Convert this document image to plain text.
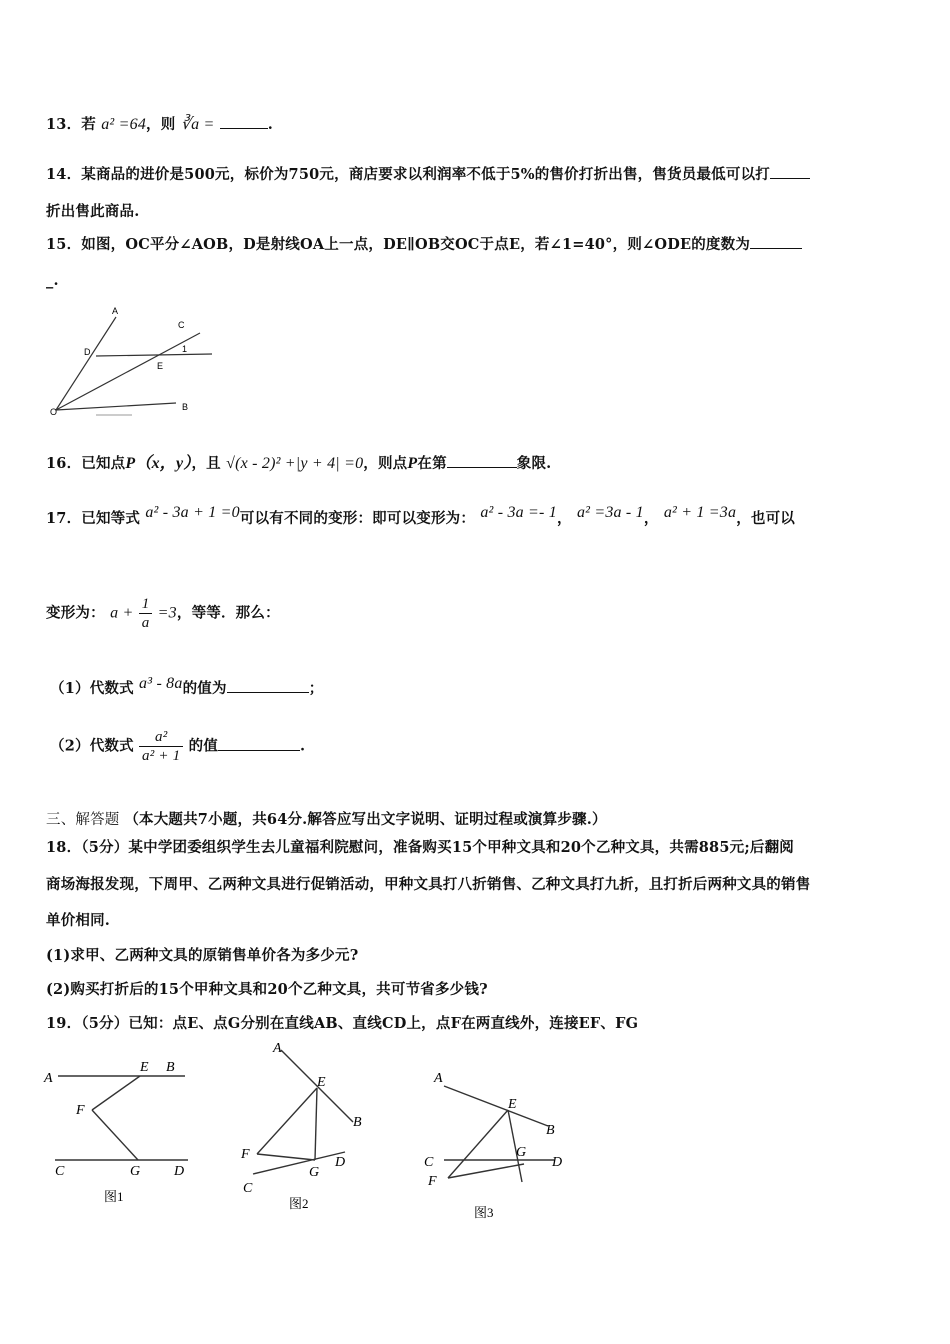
13．若 a² =64，则 ∛a =	.
14．某商品的进价是500元，标价为750元，商店要求以利润率不低于5%的售价打折出售，售货员最低可以打
折出售此商品.
15．如图，OC平分∠AOB，D是射线OA上一点，DE∥OB交OC于点E，若∠1=40°，则∠ODE的度数为
_.
A
C
D	1
E
O	B
16．已知点P（x，y），且 √(x - 2)² +|y + 4| =0，则点P在第	象限.
17．已知等式 a² - 3a + 1 =0可以有不同的变形：即可以变形为： a² - 3a =- 1， a² =3a - 1， a² + 1 =3a，也可以
变形为： $a + \frac{1}{a} =3$，等等．那么：
（1）代数式 a³ - 8a的值为	；
（2）代数式 $\frac{\text{a²}}{\text{a² + 1}}$ 的值	.
三、解答题 （本大题共7小题，共64分.解答应写出文字说明、证明过程或演算步骤.）
18．（5分）某中学团委组织学生去儿童福利院慰问，准备购买15个甲种文具和20个乙种文具，共需885元;后翻阅
商场海报发现，下周甲、乙两种文具进行促销活动，甲种文具打八折销售、乙种文具打九折，且打折后两种文具的销售
单价相同.
(1)求甲、乙两种文具的原销售单价各为多少元?
(2)购买打折后的15个甲种文具和20个乙种文具，共可节省多少钱?
19．（5分）已知：点E、点G分别在直线AB、直线CD上，点F在两直线外，连接EF、FG
A
E B
F
C	G D
图1
A
E
B
F
G
D
C
图2
A
E
B
C
G
D
F
图3
